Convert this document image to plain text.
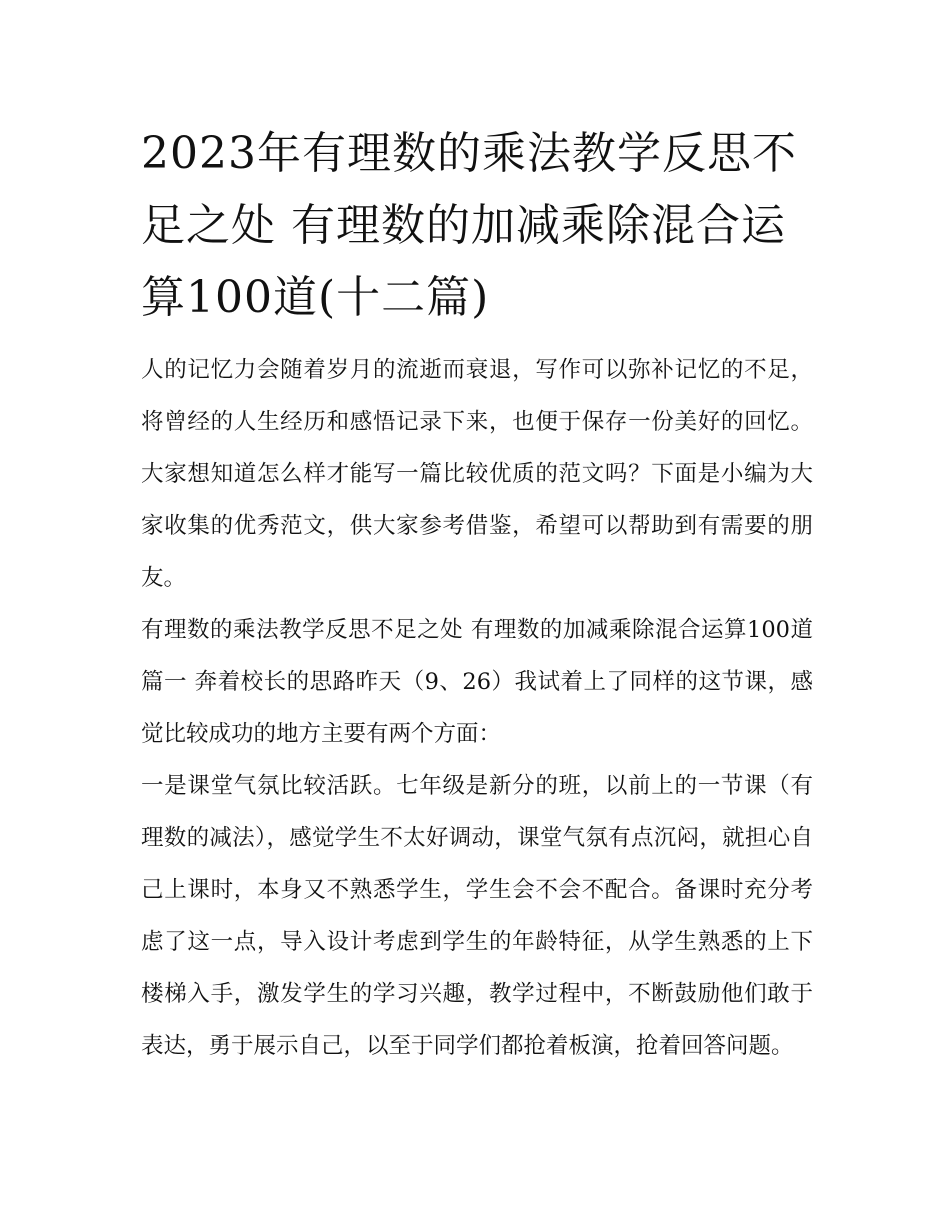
2023年有理数的乘法教学反思不足之处 有理数的加减乘除混合运算100道(十二篇)

人的记忆力会随着岁月的流逝而衰退，写作可以弥补记忆的不足，将曾经的人生经历和感悟记录下来，也便于保存一份美好的回忆。大家想知道怎么样才能写一篇比较优质的范文吗？下面是小编为大家收集的优秀范文，供大家参考借鉴，希望可以帮助到有需要的朋友。

有理数的乘法教学反思不足之处 有理数的加减乘除混合运算100道篇一 奔着校长的思路昨天（9、26）我试着上了同样的这节课，感觉比较成功的地方主要有两个方面：

一是课堂气氛比较活跃。七年级是新分的班，以前上的一节课（有理数的减法），感觉学生不太好调动，课堂气氛有点沉闷，就担心自己上课时，本身又不熟悉学生，学生会不会不配合。备课时充分考虑了这一点，导入设计考虑到学生的年龄特征，从学生熟悉的上下楼梯入手，激发学生的学习兴趣，教学过程中，不断鼓励他们敢于表达，勇于展示自己，以至于同学们都抢着板演，抢着回答问题。
